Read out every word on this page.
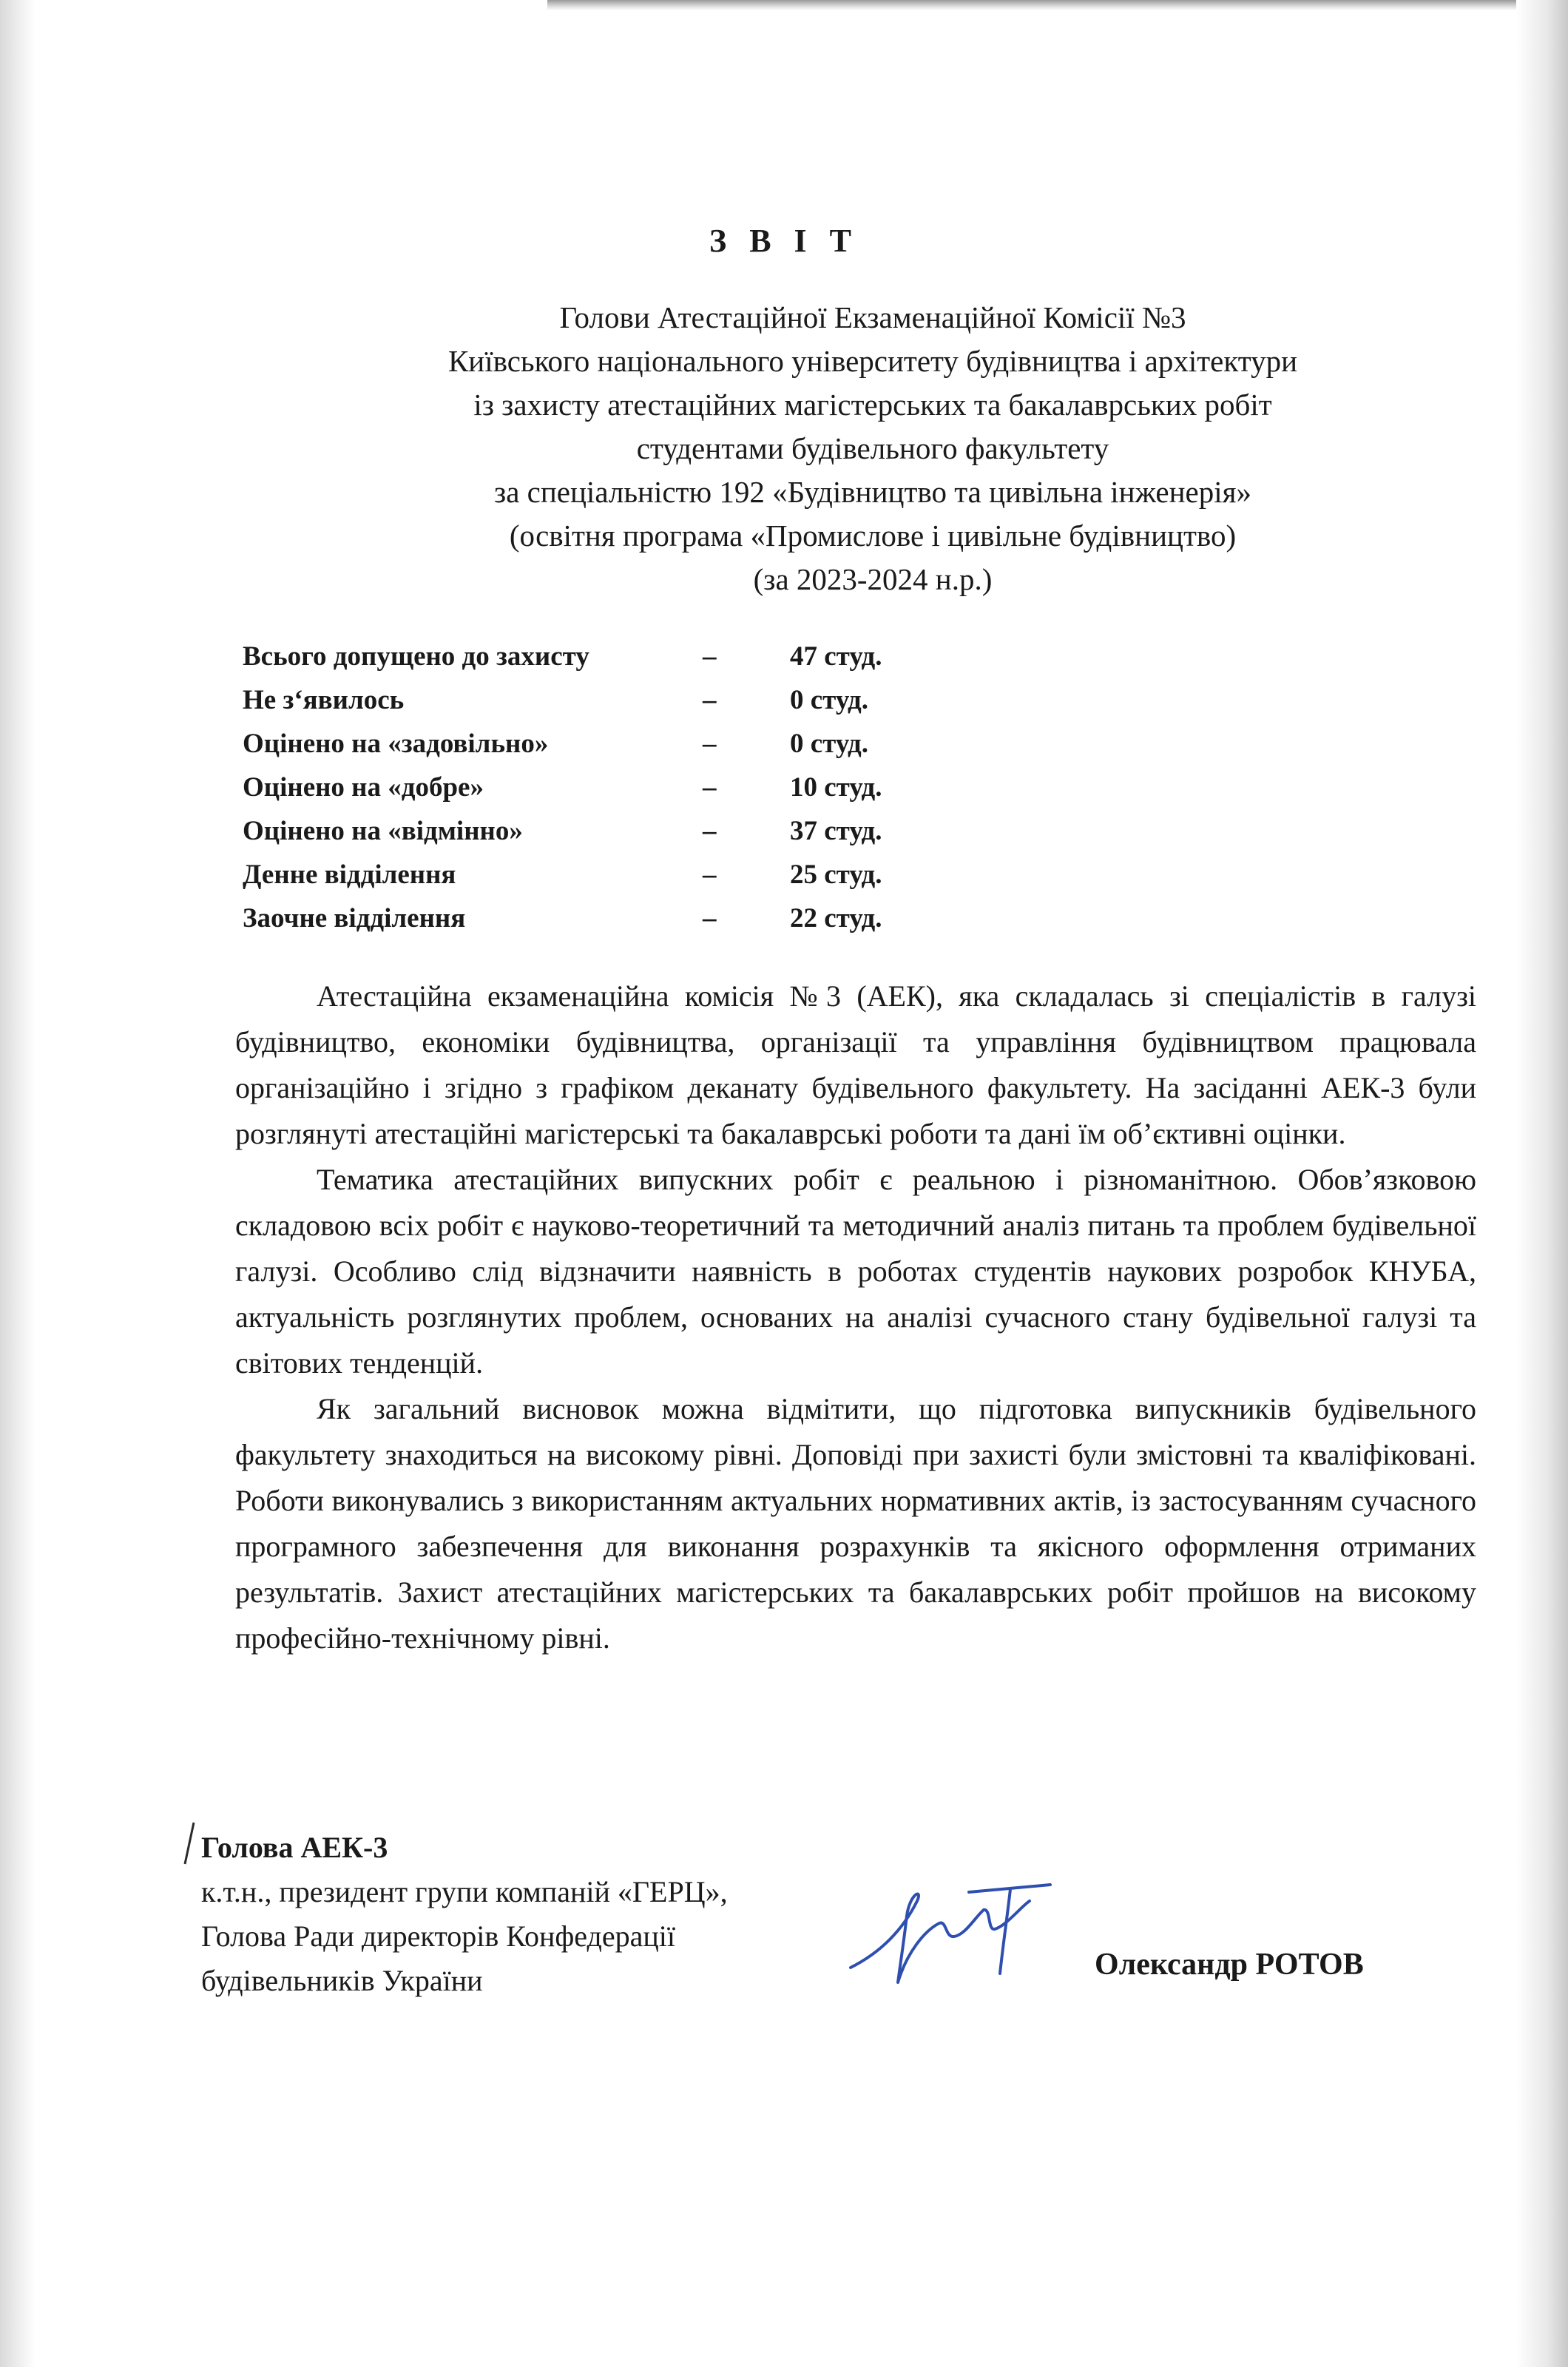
З В І Т
Голови Атестаційної Екзаменаційної Комісії №3
Київського національного університету будівництва і архітектури
із захисту атестаційних магістерських та бакалаврських робіт
студентами будівельного факультету
за спеціальністю 192 «Будівництво та цивільна інженерія»
(освітня програма «Промислове і цивільне будівництво)
(за 2023-2024 н.р.)
Всього допущено до захисту	–	47 студ.
Не з‘явилось	–	0 студ.
Оцінено на «задовільно»	–	0 студ.
Оцінено на «добре»	–	10 студ.
Оцінено на «відмінно»	–	37 студ.
Денне відділення	–	25 студ.
Заочне відділення	–	22 студ.

Атестаційна екзаменаційна комісія №3 (АЕК), яка складалась зі спеціалістів в галузі будівництво, економіки будівництва, організації та управління будівництвом працювала організаційно і згідно з графіком деканату будівельного факультету. На засіданні АЕК-3 були розглянуті атестаційні магістерські та бакалаврські роботи та дані їм об’єктивні оцінки.

Тематика атестаційних випускних робіт є реальною і різноманітною. Обов’язковою складовою всіх робіт є науково-теоретичний та методичний аналіз питань та проблем будівельної галузі. Особливо слід відзначити наявність в роботах студентів наукових розробок КНУБА, актуальність розглянутих проблем, основаних на аналізі сучасного стану будівельної галузі та світових тенденцій.

Як загальний висновок можна відмітити, що підготовка випускників будівельного факультету знаходиться на високому рівні. Доповіді при захисті були змістовні та кваліфіковані. Роботи виконувались з використанням актуальних нормативних актів, із застосуванням сучасного програмного забезпечення для виконання розрахунків та якісного оформлення отриманих результатів. Захист атестаційних магістерських та бакалаврських робіт пройшов на високому професійно-технічному рівні.

Голова АЕК-3
к.т.н., президент групи компаній «ГЕРЦ»,
Голова Ради директорів Конфедерації
будівельників України	Олександр РОТОВ
